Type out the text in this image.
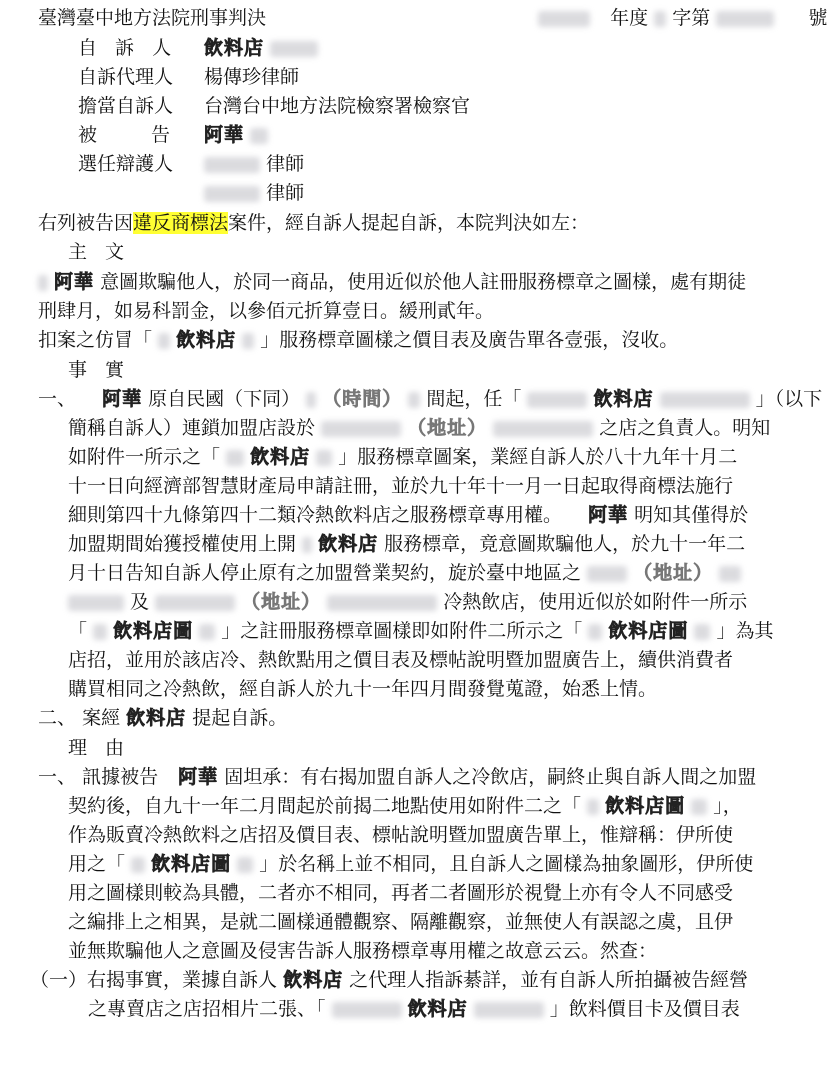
臺灣臺中地方法院刑事判決	年度 字第	號
自 訴 人 飲料店
自訴代理人 楊傳珍律師
擔當自訴人 台灣台中地方法院檢察署檢察官
被 告 阿華
選任辯護人	律師
律師
右列被告因違反商標法案件，經自訴人提起自訴，本院判決如左：
主 文
阿華 意圖欺騙他人，於同一商品，使用近似於他人註冊服務標章之圖樣，處有期徒
刑肆月，如易科罰金，以參佰元折算壹日。緩刑貳年。
扣案之仿冒「 飲料店 」服務標章圖樣之價目表及廣告單各壹張，沒收。
事 實
一、 阿華 原自民國（下同） （時間） 間起，任「	飲料店	」（以下
簡稱自訴人）連鎖加盟店設於	（地址）	之店之負責人。明知
如附件一所示之「 飲料店 」服務標章圖案，業經自訴人於八十九年十月二
十一日向經濟部智慧財產局申請註冊，並於九十年十一月一日起取得商標法施行
細則第四十九條第四十二類冷熱飲料店之服務標章專用權。 阿華 明知其僅得於
加盟期間始獲授權使用上開 飲料店 服務標章，竟意圖欺騙他人，於九十一年二
月十日告知自訴人停止原有之加盟營業契約，旋於臺中地區之	（地址）
及	（地址）	冷熱飲店，使用近似於如附件一所示
「 飲料店圖 」之註冊服務標章圖樣即如附件二所示之「 飲料店圖 」為其
店招，並用於該店冷、熱飲點用之價目表及標帖說明暨加盟廣告上，續供消費者
購買相同之冷熱飲，經自訴人於九十一年四月間發覺蒐證，始悉上情。
二、 案經 飲料店 提起自訴。
理 由
一、 訊據被告 阿華 固坦承：有右揭加盟自訴人之冷飲店，嗣終止與自訴人間之加盟
契約後，自九十一年二月間起於前揭二地點使用如附件二之「 飲料店圖 」，
作為販賣冷熱飲料之店招及價目表、標帖說明暨加盟廣告單上，惟辯稱：伊所使
用之「 飲料店圖 」於名稱上並不相同，且自訴人之圖樣為抽象圖形，伊所使
用之圖樣則較為具體，二者亦不相同，再者二者圖形於視覺上亦有令人不同感受
之編排上之相異，是就二圖樣通體觀察、隔離觀察，並無使人有誤認之虞，且伊
並無欺騙他人之意圖及侵害告訴人服務標章專用權之故意云云。然查：
（一）右揭事實，業據自訴人 飲料店 之代理人指訴綦詳，並有自訴人所拍攝被告經營
之專賣店之店招相片二張、「	飲料店	」飲料價目卡及價目表
